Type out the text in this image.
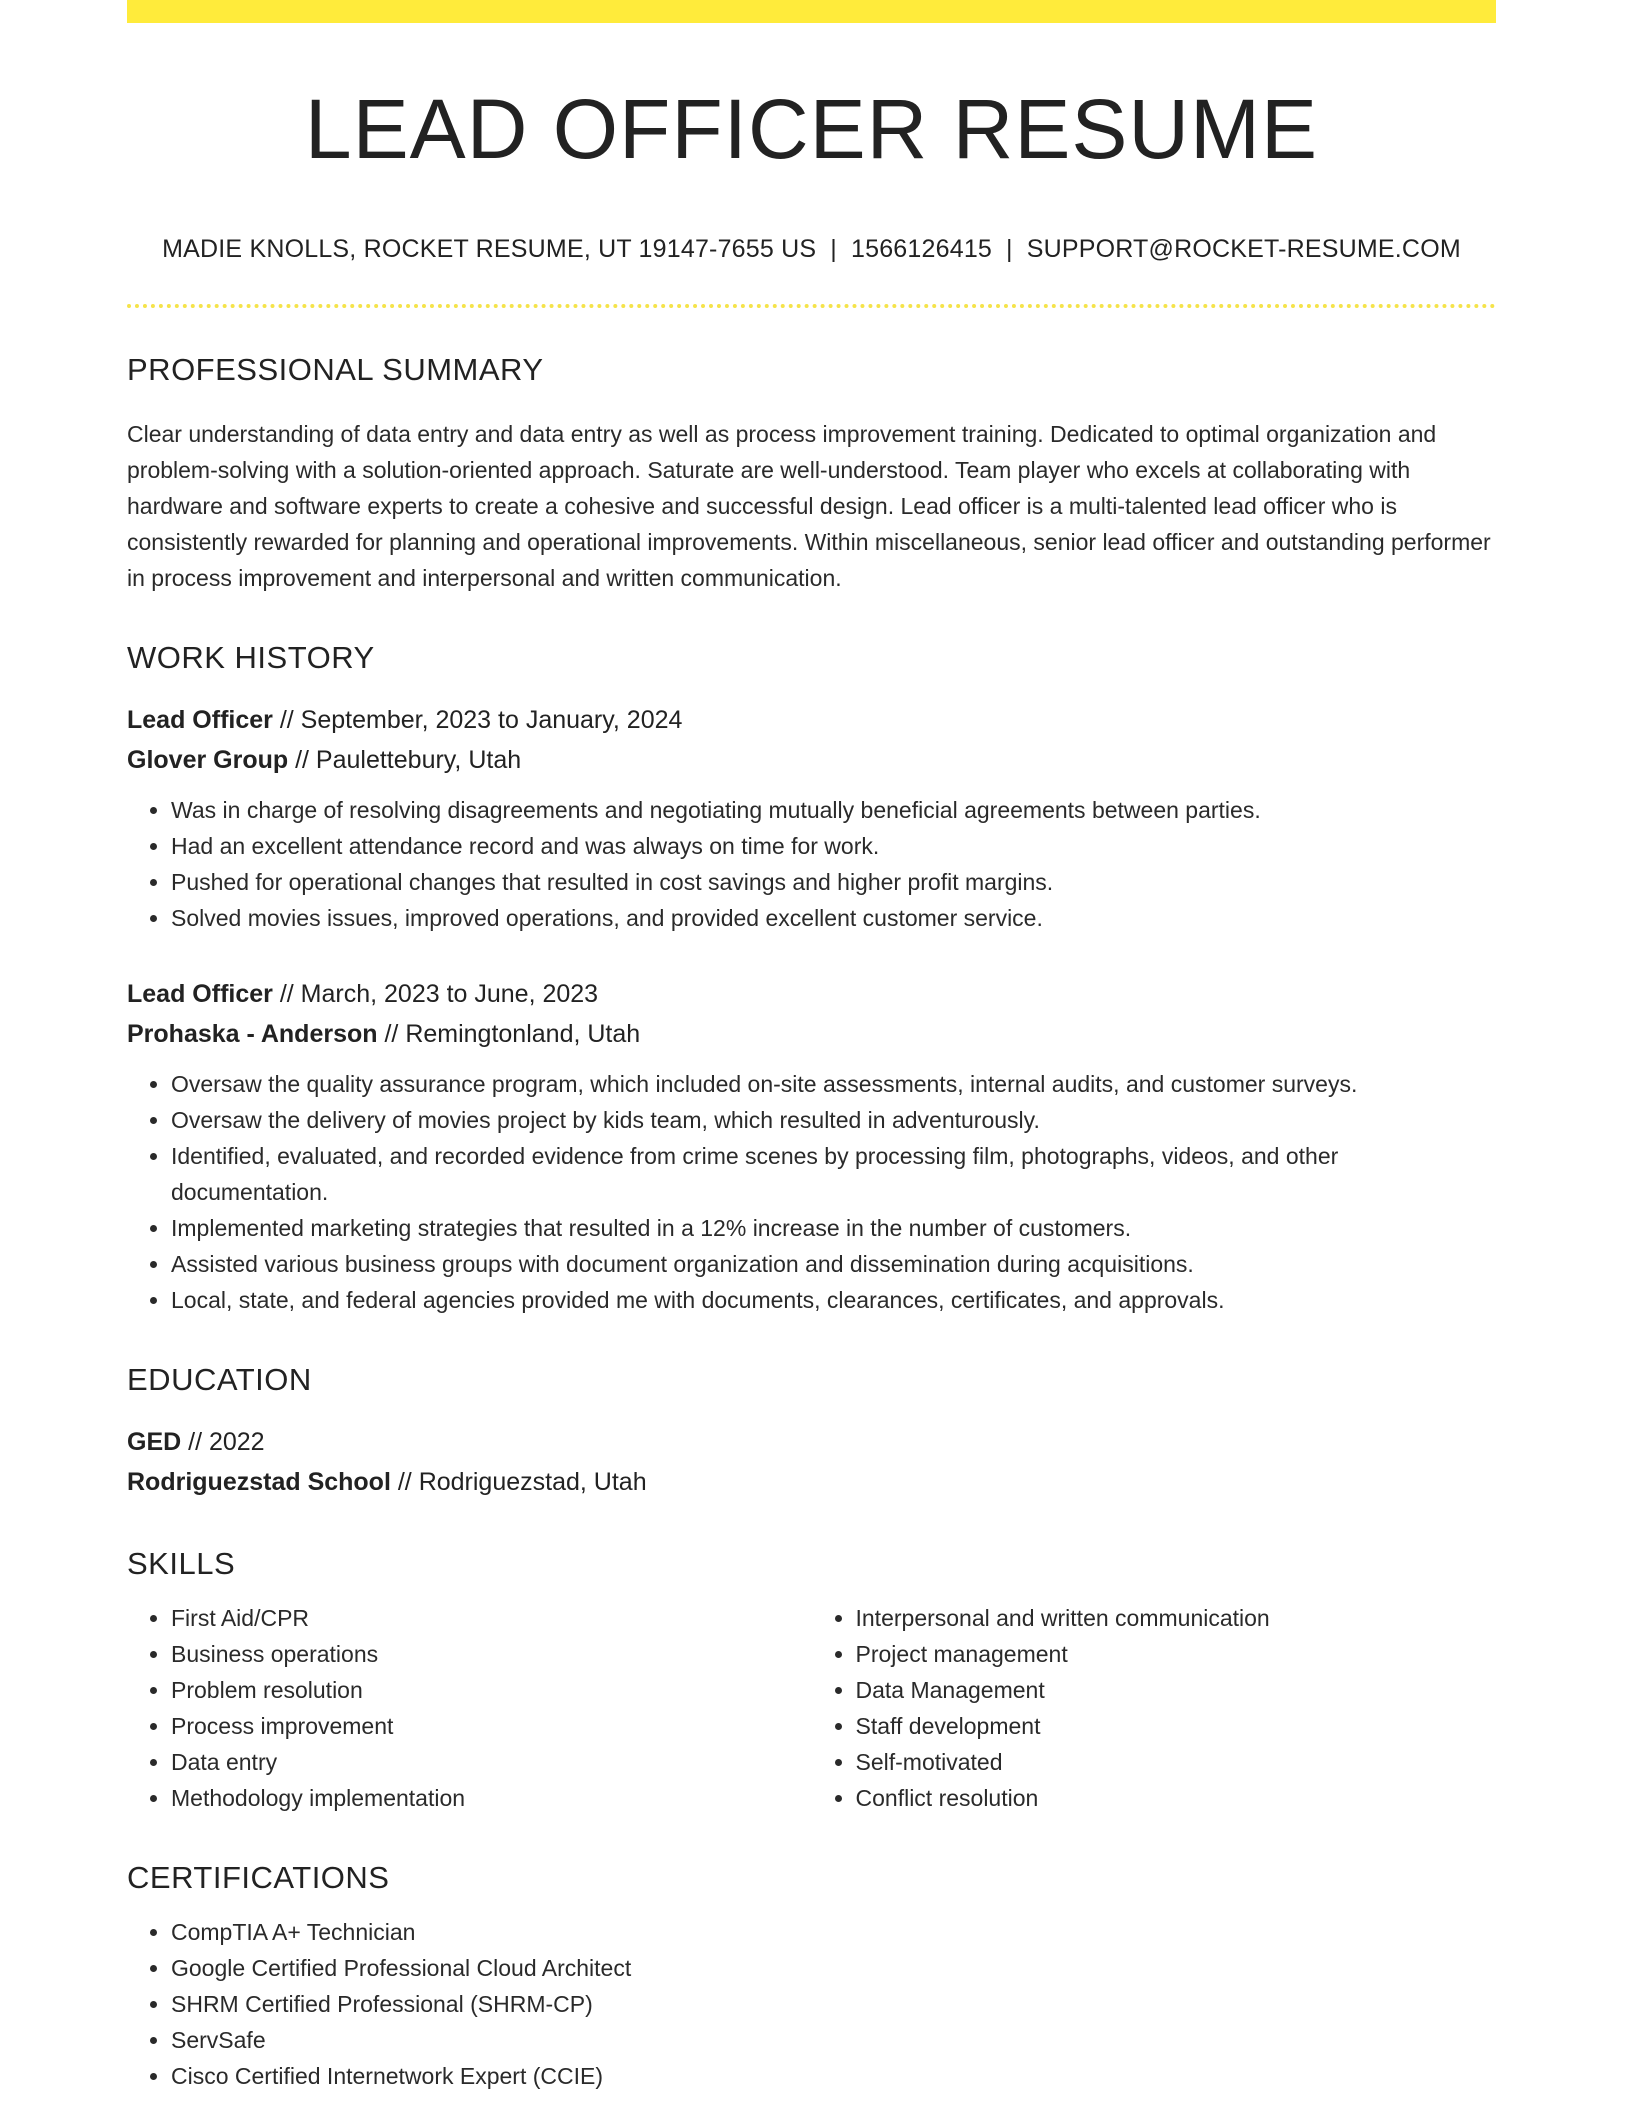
LEAD OFFICER RESUME
MADIE KNOLLS, ROCKET RESUME, UT 19147-7655 US | 1566126415 | SUPPORT@ROCKET-RESUME.COM
PROFESSIONAL SUMMARY
Clear understanding of data entry and data entry as well as process improvement training. Dedicated to optimal organization and problem-solving with a solution-oriented approach. Saturate are well-understood. Team player who excels at collaborating with hardware and software experts to create a cohesive and successful design. Lead officer is a multi-talented lead officer who is consistently rewarded for planning and operational improvements. Within miscellaneous, senior lead officer and outstanding performer in process improvement and interpersonal and written communication.
WORK HISTORY
Lead Officer // September, 2023 to January, 2024
Glover Group // Paulettebury, Utah
• Was in charge of resolving disagreements and negotiating mutually beneficial agreements between parties.
• Had an excellent attendance record and was always on time for work.
• Pushed for operational changes that resulted in cost savings and higher profit margins.
• Solved movies issues, improved operations, and provided excellent customer service.
Lead Officer // March, 2023 to June, 2023
Prohaska - Anderson // Remingtonland, Utah
• Oversaw the quality assurance program, which included on-site assessments, internal audits, and customer surveys.
• Oversaw the delivery of movies project by kids team, which resulted in adventurously.
• Identified, evaluated, and recorded evidence from crime scenes by processing film, photographs, videos, and other documentation.
• Implemented marketing strategies that resulted in a 12% increase in the number of customers.
• Assisted various business groups with document organization and dissemination during acquisitions.
• Local, state, and federal agencies provided me with documents, clearances, certificates, and approvals.
EDUCATION
GED // 2022
Rodriguezstad School // Rodriguezstad, Utah
SKILLS
• First Aid/CPR
• Business operations
• Problem resolution
• Process improvement
• Data entry
• Methodology implementation
• Interpersonal and written communication
• Project management
• Data Management
• Staff development
• Self-motivated
• Conflict resolution
CERTIFICATIONS
• CompTIA A+ Technician
• Google Certified Professional Cloud Architect
• SHRM Certified Professional (SHRM-CP)
• ServSafe
• Cisco Certified Internetwork Expert (CCIE)
